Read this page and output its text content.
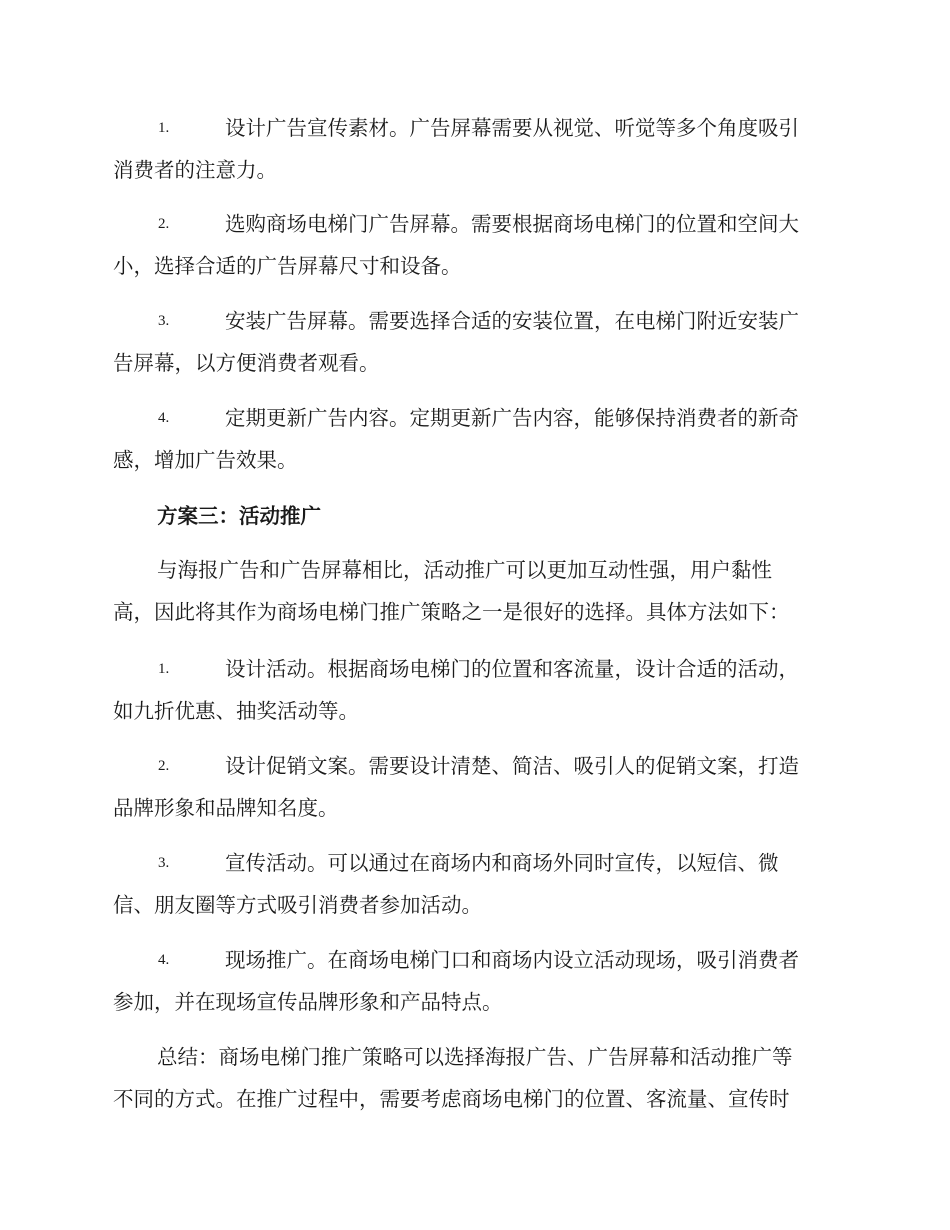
1.	设计广告宣传素材。广告屏幕需要从视觉、听觉等多个角度吸引
消费者的注意力。
2.	选购商场电梯门广告屏幕。需要根据商场电梯门的位置和空间大
小，选择合适的广告屏幕尺寸和设备。
3.	安装广告屏幕。需要选择合适的安装位置，在电梯门附近安装广
告屏幕，以方便消费者观看。
4.	定期更新广告内容。定期更新广告内容，能够保持消费者的新奇
感，增加广告效果。
方案三：活动推广
与海报广告和广告屏幕相比，活动推广可以更加互动性强，用户黏性
高，因此将其作为商场电梯门推广策略之一是很好的选择。具体方法如下：
1.	设计活动。根据商场电梯门的位置和客流量，设计合适的活动，
如九折优惠、抽奖活动等。
2.	设计促销文案。需要设计清楚、简洁、吸引人的促销文案，打造
品牌形象和品牌知名度。
3.	宣传活动。可以通过在商场内和商场外同时宣传，以短信、微
信、朋友圈等方式吸引消费者参加活动。
4.	现场推广。在商场电梯门口和商场内设立活动现场，吸引消费者
参加，并在现场宣传品牌形象和产品特点。
总结：商场电梯门推广策略可以选择海报广告、广告屏幕和活动推广等
不同的方式。在推广过程中，需要考虑商场电梯门的位置、客流量、宣传时
